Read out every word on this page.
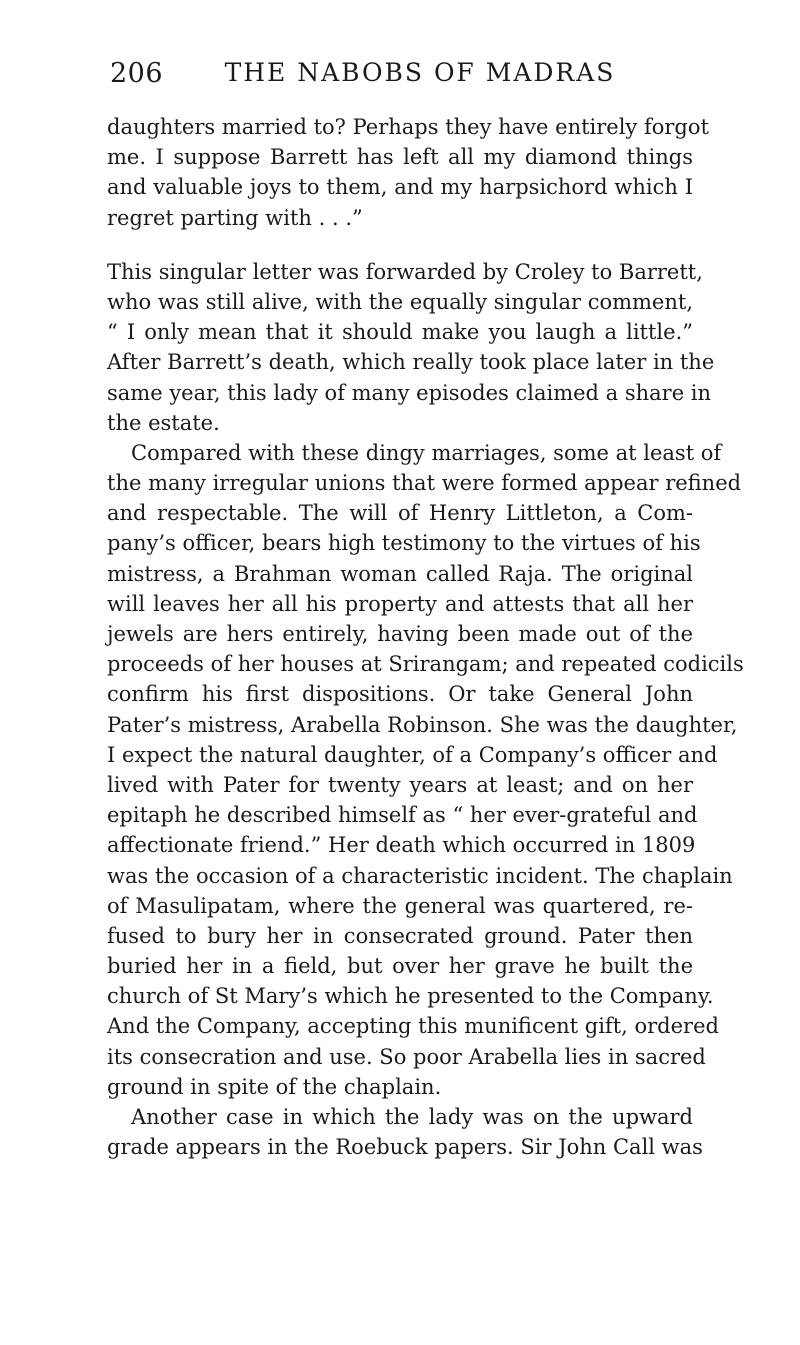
206	THE NABOBS OF MADRAS
daughters married to? Perhaps they have entirely forgot
me. I suppose Barrett has left all my diamond things
and valuable joys to them, and my harpsichord which I
regret parting with . . .”
This singular letter was forwarded by Croley to Barrett,
who was still alive, with the equally singular comment,
“ I only mean that it should make you laugh a little.”
After Barrett’s death, which really took place later in the
same year, this lady of many episodes claimed a share in
the estate.
Compared with these dingy marriages, some at least of
the many irregular unions that were formed appear refined
and respectable. The will of Henry Littleton, a Com-
pany’s officer, bears high testimony to the virtues of his
mistress, a Brahman woman called Raja. The original
will leaves her all his property and attests that all her
jewels are hers entirely, having been made out of the
proceeds of her houses at Srirangam; and repeated codicils
confirm his first dispositions. Or take General John
Pater’s mistress, Arabella Robinson. She was the daughter,
I expect the natural daughter, of a Company’s officer and
lived with Pater for twenty years at least; and on her
epitaph he described himself as “ her ever-grateful and
affectionate friend.” Her death which occurred in 1809
was the occasion of a characteristic incident. The chaplain
of Masulipatam, where the general was quartered, re-
fused to bury her in consecrated ground. Pater then
buried her in a field, but over her grave he built the
church of St Mary’s which he presented to the Company.
And the Company, accepting this munificent gift, ordered
its consecration and use. So poor Arabella lies in sacred
ground in spite of the chaplain.
Another case in which the lady was on the upward
grade appears in the Roebuck papers. Sir John Call was
